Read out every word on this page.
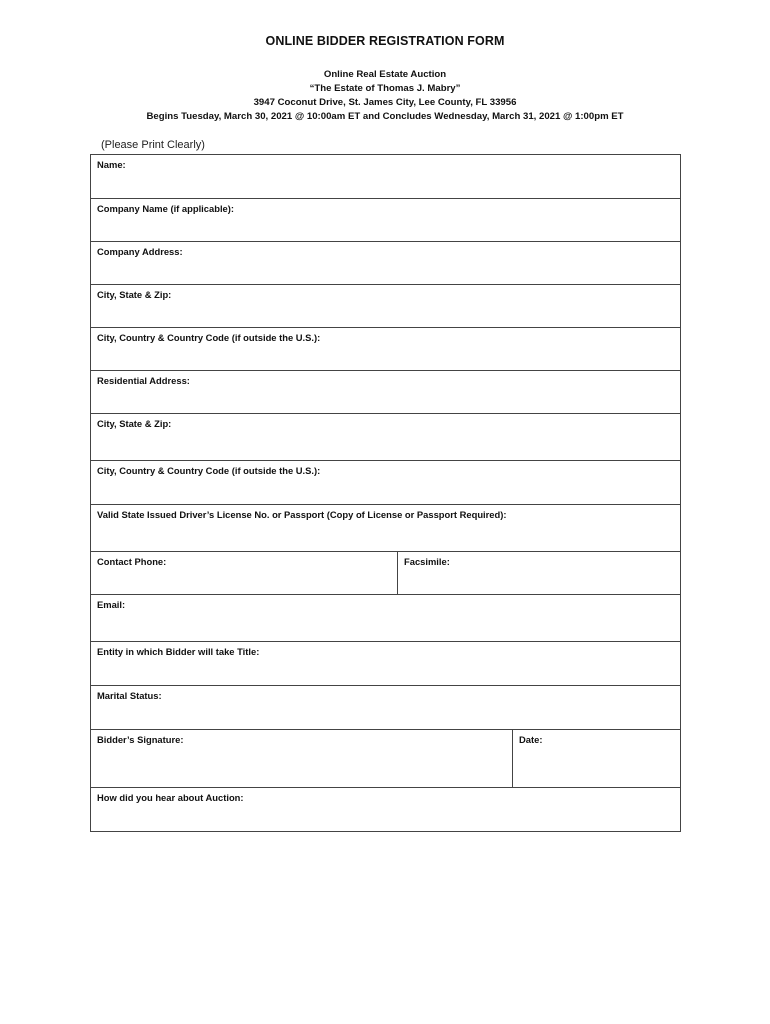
ONLINE BIDDER REGISTRATION FORM
Online Real Estate Auction
“The Estate of Thomas J. Mabry”
3947 Coconut Drive, St. James City, Lee County, FL 33956
Begins Tuesday, March 30, 2021 @ 10:00am ET and Concludes Wednesday, March 31, 2021 @ 1:00pm ET
(Please Print Clearly)
Name:		
Company Name (if applicable):		
Company Address:		
City, State & Zip:		
City, Country & Country Code (if outside the U.S.):		
Residential Address:		
City, State & Zip:		
City, Country & Country Code (if outside the U.S.):		
Valid State Issued Driver’s License No. or Passport (Copy of License or Passport Required):		
Contact Phone:	Facsimile:	
Email:		
Entity in which Bidder will take Title:		
Marital Status:		
Bidder’s Signature:		Date:
How did you hear about Auction:		
